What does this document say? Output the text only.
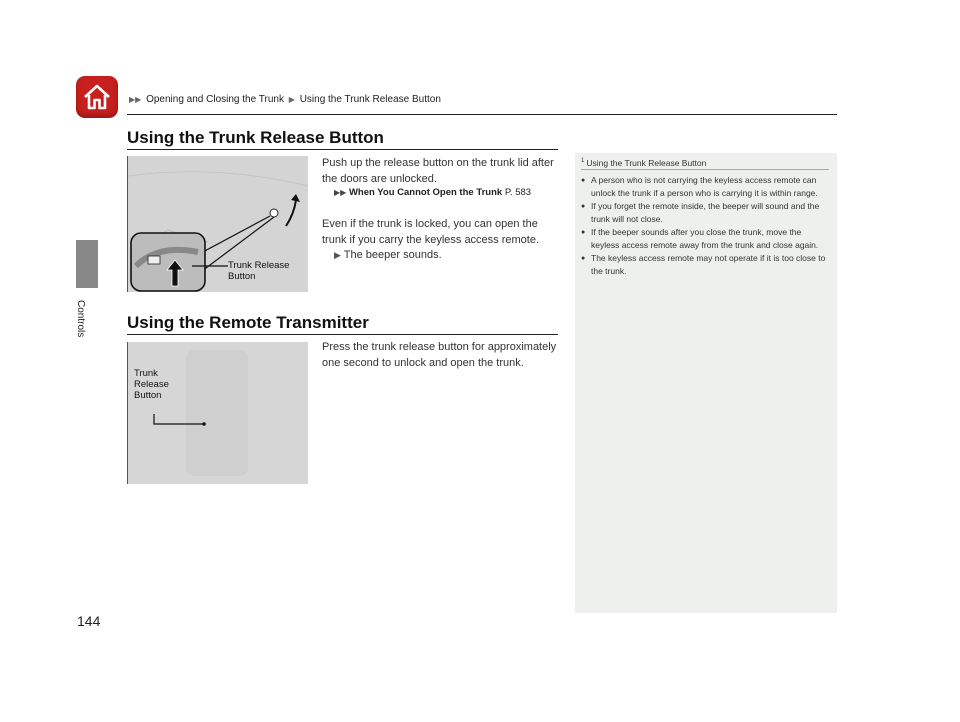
▶▶ Opening and Closing the Trunk ▶ Using the Trunk Release Button
Controls
Using the Trunk Release Button
Trunk Release
Button
Push up the release button on the trunk lid after the doors are unlocked.
▶▶ When You Cannot Open the Trunk P. 583
Even if the trunk is locked, you can open the trunk if you carry the keyless access remote.
▶ The beeper sounds.
Using the Remote Transmitter
Trunk
Release
Button
Press the trunk release button for approximately one second to unlock and open the trunk.
$^1$ Using the Trunk Release Button
● A person who is not carrying the keyless access remote can unlock the trunk if a person who is carrying it is within range.
● If you forget the remote inside, the beeper will sound and the trunk will not close.
● If the beeper sounds after you close the trunk, move the keyless access remote away from the trunk and close again.
● The keyless access remote may not operate if it is too close to the trunk.
144
